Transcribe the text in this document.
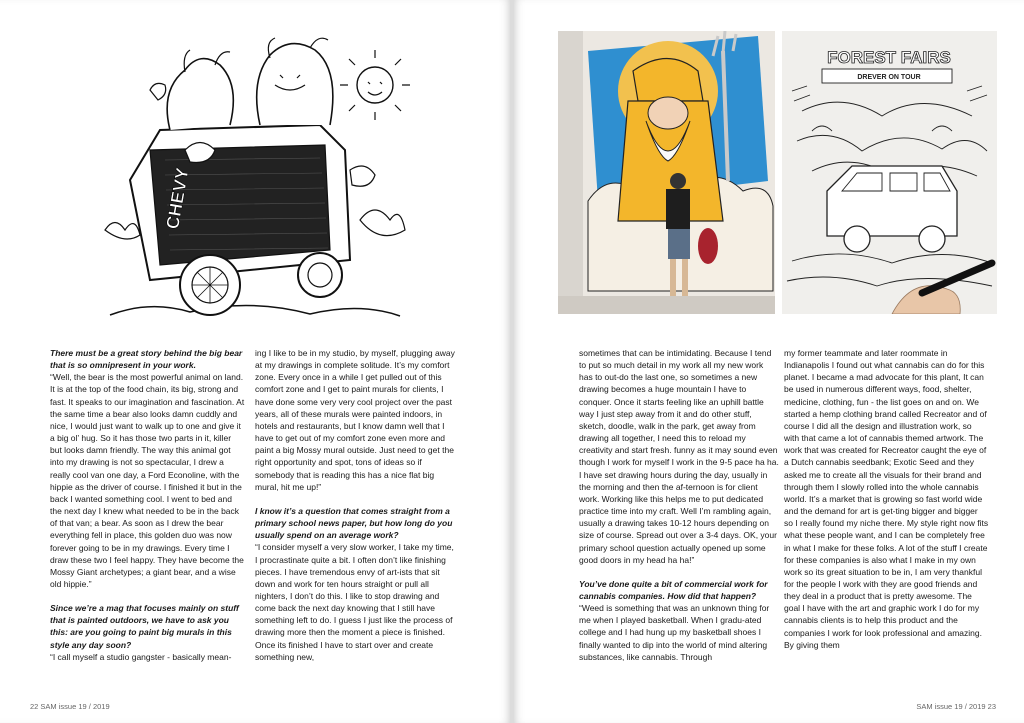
CHEVY

There must be a great story behind the big bear that is so omnipresent in your work.

“Well, the bear is the most powerful animal on land. It is at the top of the food chain, its big, strong and fast. It speaks to our imagination and fascination. At the same time a bear also looks damn cuddly and nice, I would just want to walk up to one and give it a big ol’ hug. So it has those two parts in it, killer but looks damn friendly. The way this animal got into my drawing is not so spectacular, I drew a really cool van one day, a Ford Econoline, with the hippie as the driver of course. I finished it but in the back I wanted something cool. I went to bed and the next day I knew what needed to be in the back of that van; a bear. As soon as I drew the bear everything fell in place, this golden duo was now forever going to be in my drawings. Every time I draw these two I feel happy. They have become the Mossy Giant archetypes; a giant bear, and a wise old hippie.”

Since we’re a mag that focuses mainly on stuff that is painted outdoors, we have to ask you this: are you going to paint big murals in this style any day soon?

“I call myself a studio gangster - basically mean-

ing I like to be in my studio, by myself, plugging away at my drawings in complete solitude. It’s my comfort zone. Every once in a while I get pulled out of this comfort zone and I get to paint murals for clients, I have done some very very cool project over the past years, all of these murals were painted indoors, in hotels and restaurants, but I know damn well that I have to get out of my comfort zone even more and paint a big Mossy mural outside. Just need to get the right opportunity and spot, tons of ideas so if somebody that is reading this has a nice flat big mural, hit me up!”

I know it’s a question that comes straight from a primary school news paper, but how long do you usually spend on an average work?

“I consider myself a very slow worker, I take my time, I procrastinate quite a bit. I often don’t like finishing pieces. I have tremendous envy of art-ists that sit down and work for ten hours straight or pull all nighters, I don’t do this. I like to stop drawing and come back the next day knowing that I still have something left to do. I guess I just like the process of drawing more then the moment a piece is finished. Once its finished I have to start over and create something new,

22 SAM issue 19 / 2019
FOREST FAIRS
DREVER ON TOUR

sometimes that can be intimidating. Because I tend to put so much detail in my work all my new work has to out-do the last one, so sometimes a new drawing becomes a huge mountain I have to conquer. Once it starts feeling like an uphill battle way I just step away from it and do other stuff, sketch, doodle, walk in the park, get away from drawing all together, I need this to reload my creativity and start fresh. funny as it may sound even though I work for myself I work in the 9-5 pace ha ha. I have set drawing hours during the day, usually in the morning and then the af-ternoon is for client work. Working like this helps me to put dedicated practice time into my craft. Well I’m rambling again, usually a drawing takes 10-12 hours depending on size of course. Spread out over a 3-4 days. OK, your primary school question actually opened up some good doors in my head ha ha!”

You’ve done quite a bit of commercial work for cannabis companies. How did that happen?

“Weed is something that was an unknown thing for me when I played basketball. When I gradu-ated college and I had hung up my basketball shoes I finally wanted to dip into the world of mind altering substances, like cannabis. Through

my former teammate and later roommate in Indianapolis I found out what cannabis can do for this planet. I became a mad advocate for this plant, It can be used in numerous different ways, food, shelter, medicine, clothing, fun - the list goes on and on. We started a hemp clothing brand called Recreator and of course I did all the design and illustration work, so with that came a lot of cannabis themed artwork. The work that was created for Recreator caught the eye of a Dutch cannabis seedbank; Exotic Seed and they asked me to create all the visuals for their brand and through them I slowly rolled into the whole cannabis world. It’s a market that is growing so fast world wide and the demand for art is get-ting bigger and bigger so I really found my niche there. My style right now fits what these people want, and I can be completely free in what I make for these folks. A lot of the stuff I create for these companies is also what I make in my own work so its great situation to be in, I am very thankful for the people I work with they are good friends and they deal in a product that is pretty awesome. The goal I have with the art and graphic work I do for my cannabis clients is to help this product and the companies I work for look professional and amazing. By giving them

SAM issue 19 / 2019 23
